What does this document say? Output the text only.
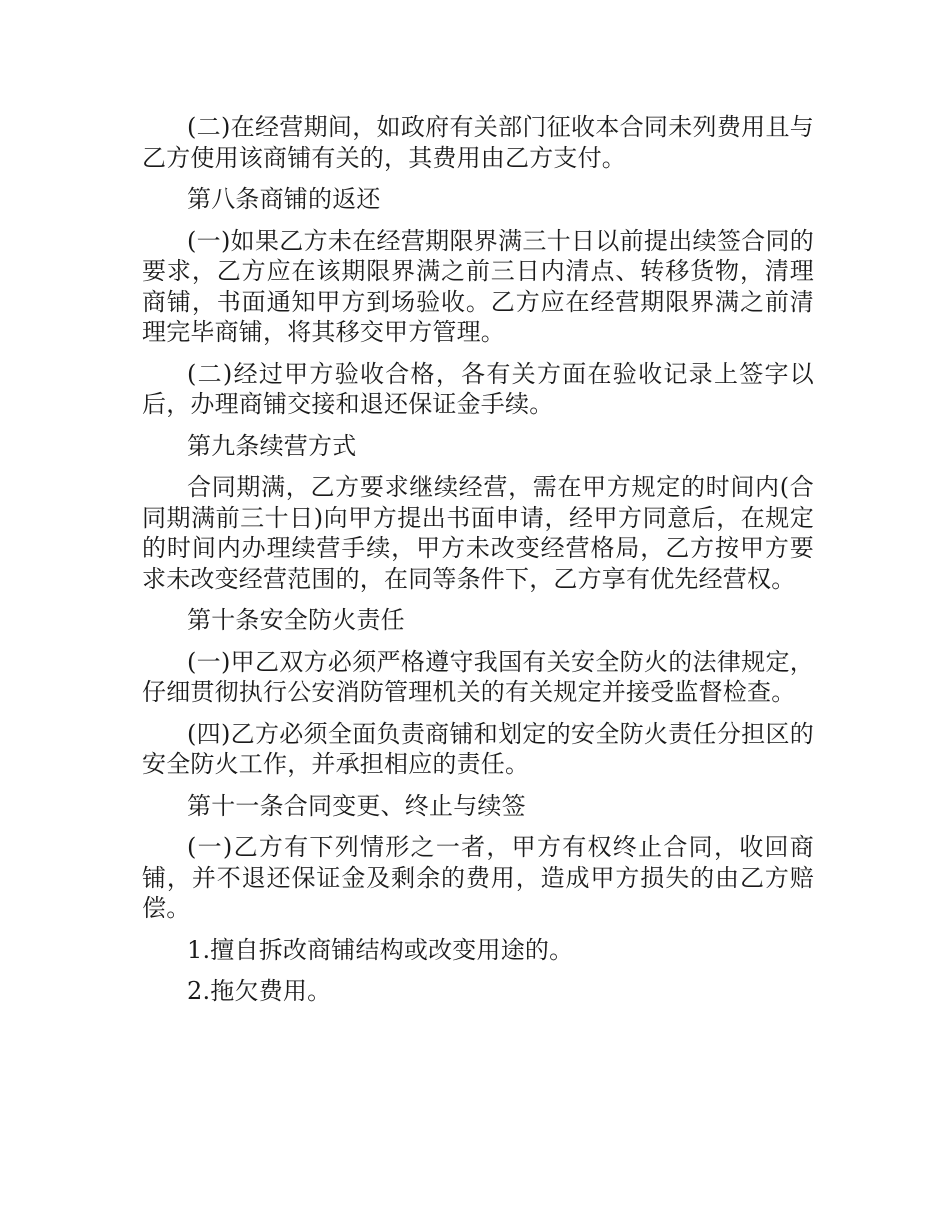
(二)在经营期间，如政府有关部门征收本合同未列费用且与乙方使用该商铺有关的，其费用由乙方支付。

第八条商铺的返还

(一)如果乙方未在经营期限界满三十日以前提出续签合同的要求，乙方应在该期限界满之前三日内清点、转移货物，清理商铺，书面通知甲方到场验收。乙方应在经营期限界满之前清理完毕商铺，将其移交甲方管理。

(二)经过甲方验收合格，各有关方面在验收记录上签字以后，办理商铺交接和退还保证金手续。

第九条续营方式

合同期满，乙方要求继续经营，需在甲方规定的时间内(合同期满前三十日)向甲方提出书面申请，经甲方同意后，在规定的时间内办理续营手续，甲方未改变经营格局，乙方按甲方要求未改变经营范围的，在同等条件下，乙方享有优先经营权。

第十条安全防火责任

(一)甲乙双方必须严格遵守我国有关安全防火的法律规定，仔细贯彻执行公安消防管理机关的有关规定并接受监督检查。

(四)乙方必须全面负责商铺和划定的安全防火责任分担区的安全防火工作，并承担相应的责任。

第十一条合同变更、终止与续签

(一)乙方有下列情形之一者，甲方有权终止合同，收回商铺，并不退还保证金及剩余的费用，造成甲方损失的由乙方赔偿。

1.擅自拆改商铺结构或改变用途的。

2.拖欠费用。
